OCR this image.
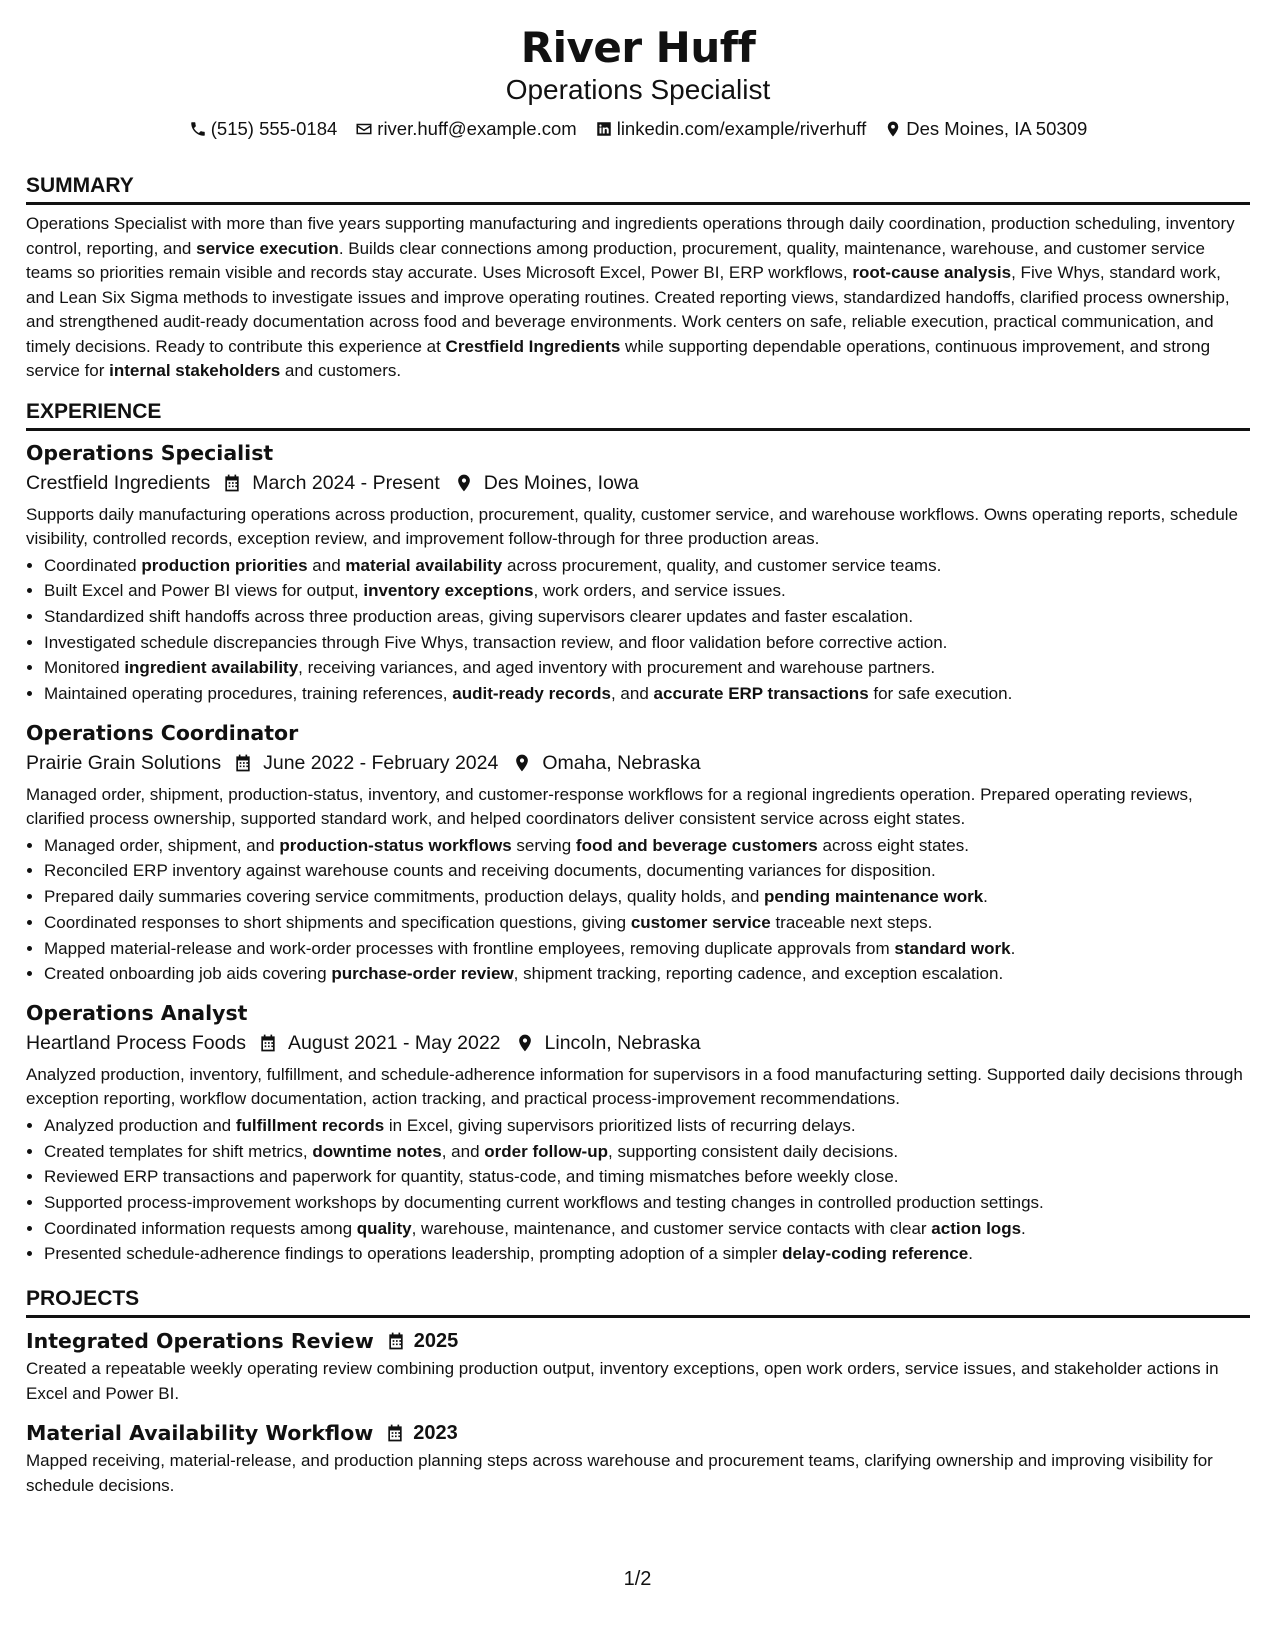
River Huff
Operations Specialist
(515) 555-0184 river.huff@example.com linkedin.com/example/riverhuff Des Moines, IA 50309
SUMMARY

Operations Specialist with more than five years supporting manufacturing and ingredients operations through daily coordination, production scheduling, inventory control, reporting, and service execution. Builds clear connections among production, procurement, quality, maintenance, warehouse, and customer service teams so priorities remain visible and records stay accurate. Uses Microsoft Excel, Power BI, ERP workflows, root-cause analysis, Five Whys, standard work, and Lean Six Sigma methods to investigate issues and improve operating routines. Created reporting views, standardized handoffs, clarified process ownership, and strengthened audit-ready documentation across food and beverage environments. Work centers on safe, reliable execution, practical communication, and timely decisions. Ready to contribute this experience at Crestfield Ingredients while supporting dependable operations, continuous improvement, and strong service for internal stakeholders and customers.

EXPERIENCE
Operations Specialist
Crestfield Ingredients March 2024 - Present Des Moines, Iowa

Supports daily manufacturing operations across production, procurement, quality, customer service, and warehouse workflows. Owns operating reports, schedule visibility, controlled records, exception review, and improvement follow-through for three production areas.

• Coordinated production priorities and material availability across procurement, quality, and customer service teams.
• Built Excel and Power BI views for output, inventory exceptions, work orders, and service issues.
• Standardized shift handoffs across three production areas, giving supervisors clearer updates and faster escalation.
• Investigated schedule discrepancies through Five Whys, transaction review, and floor validation before corrective action.
• Monitored ingredient availability, receiving variances, and aged inventory with procurement and warehouse partners.
• Maintained operating procedures, training references, audit-ready records, and accurate ERP transactions for safe execution.
Operations Coordinator
Prairie Grain Solutions June 2022 - February 2024 Omaha, Nebraska

Managed order, shipment, production-status, inventory, and customer-response workflows for a regional ingredients operation. Prepared operating reviews, clarified process ownership, supported standard work, and helped coordinators deliver consistent service across eight states.

• Managed order, shipment, and production-status workflows serving food and beverage customers across eight states.
• Reconciled ERP inventory against warehouse counts and receiving documents, documenting variances for disposition.
• Prepared daily summaries covering service commitments, production delays, quality holds, and pending maintenance work.
• Coordinated responses to short shipments and specification questions, giving customer service traceable next steps.
• Mapped material-release and work-order processes with frontline employees, removing duplicate approvals from standard work.
• Created onboarding job aids covering purchase-order review, shipment tracking, reporting cadence, and exception escalation.
Operations Analyst
Heartland Process Foods August 2021 - May 2022 Lincoln, Nebraska

Analyzed production, inventory, fulfillment, and schedule-adherence information for supervisors in a food manufacturing setting. Supported daily decisions through exception reporting, workflow documentation, action tracking, and practical process-improvement recommendations.

• Analyzed production and fulfillment records in Excel, giving supervisors prioritized lists of recurring delays.
• Created templates for shift metrics, downtime notes, and order follow-up, supporting consistent daily decisions.
• Reviewed ERP transactions and paperwork for quantity, status-code, and timing mismatches before weekly close.
• Supported process-improvement workshops by documenting current workflows and testing changes in controlled production settings.
• Coordinated information requests among quality, warehouse, maintenance, and customer service contacts with clear action logs.
• Presented schedule-adherence findings to operations leadership, prompting adoption of a simpler delay-coding reference.
PROJECTS
Integrated Operations Review 2025

Created a repeatable weekly operating review combining production output, inventory exceptions, open work orders, service issues, and stakeholder actions in Excel and Power BI.

Material Availability Workflow 2023

Mapped receiving, material-release, and production planning steps across warehouse and procurement teams, clarifying ownership and improving visibility for schedule decisions.

1/2
